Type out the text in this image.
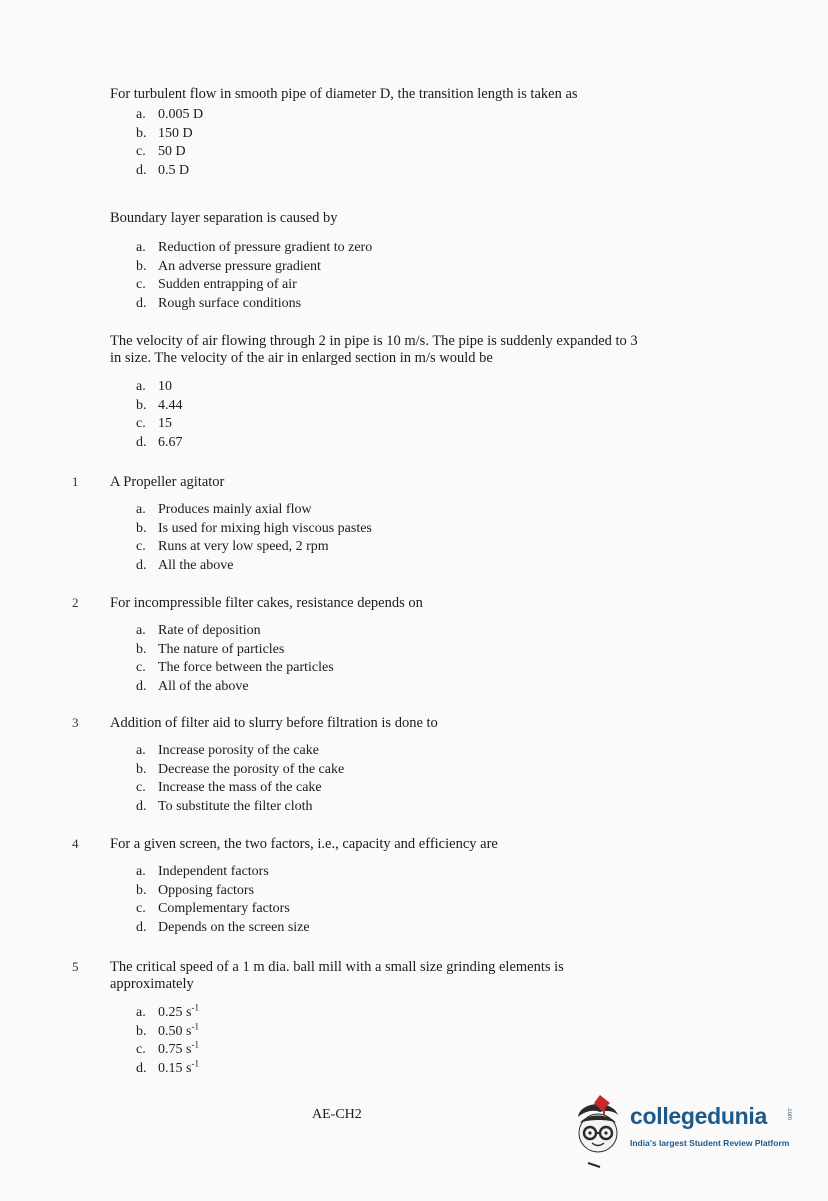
For turbulent flow in smooth pipe of diameter D, the transition length is taken as
a. 0.005 D
b. 150 D
c. 50 D
d. 0.5 D
Boundary layer separation is caused by
a. Reduction of pressure gradient to zero
b. An adverse pressure gradient
c. Sudden entrapping of air
d. Rough surface conditions
The velocity of air flowing through 2 in pipe is 10 m/s. The pipe is suddenly expanded to 3 in size. The velocity of the air in enlarged section in m/s would be
a. 10
b. 4.44
c. 15
d. 6.67
1 A Propeller agitator
a. Produces mainly axial flow
b. Is used for mixing high viscous pastes
c. Runs at very low speed, 2 rpm
d. All the above
2 For incompressible filter cakes, resistance depends on
a. Rate of deposition
b. The nature of particles
c. The force between the particles
d. All of the above
3 Addition of filter aid to slurry before filtration is done to
a. Increase porosity of the cake
b. Decrease the porosity of the cake
c. Increase the mass of the cake
d. To substitute the filter cloth
4 For a given screen, the two factors, i.e., capacity and efficiency are
a. Independent factors
b. Opposing factors
c. Complementary factors
d. Depends on the screen size
5 The critical speed of a 1 m dia. ball mill with a small size grinding elements is approximately
a. 0.25 $s^{-1}$
b. 0.50 $s^{-1}$
c. 0.75 $s^{-1}$
d. 0.15 $s^{-1}$
AE-CH2	collegedunia	.com
India's largest Student Review Platform
